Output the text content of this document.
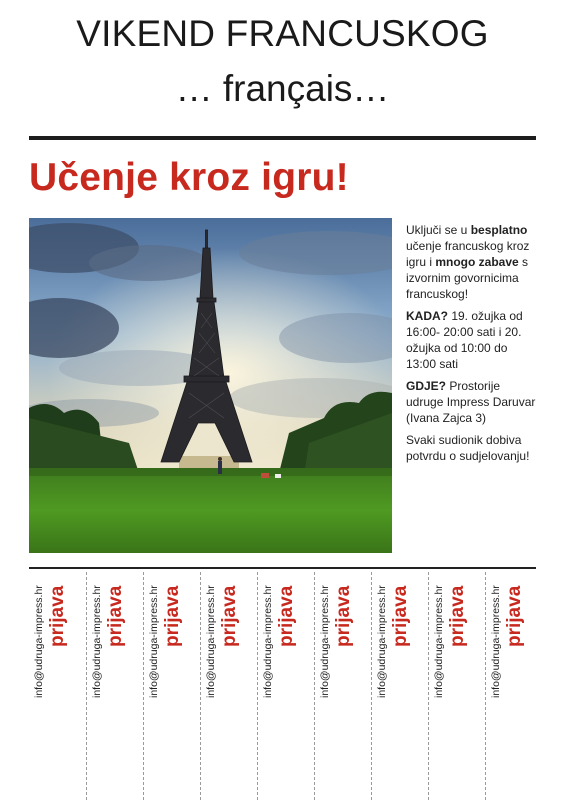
VIKEND FRANCUSKOG
… français…
Učenje kroz igru!

Uključi se u besplatno učenje francuskog kroz igru i mnogo zabave s izvornim govornicima francuskog!

KADA? 19. ožujka od 16:00- 20:00 sati i 20. ožujka od 10:00 do 13:00 sati

GDJE? Prostorije udruge Impress Daruvar (Ivana Zajca 3)

Svaki sudionik dobiva potvrdu o sudjelovanju!

prijava
info@udruga-impress.hr	prijava
info@udruga-impress.hr	prijava
info@udruga-impress.hr	prijava
info@udruga-impress.hr	prijava
info@udruga-impress.hr	prijava
info@udruga-impress.hr	prijava
info@udruga-impress.hr	prijava
info@udruga-impress.hr	prijava
info@udruga-impress.hr
